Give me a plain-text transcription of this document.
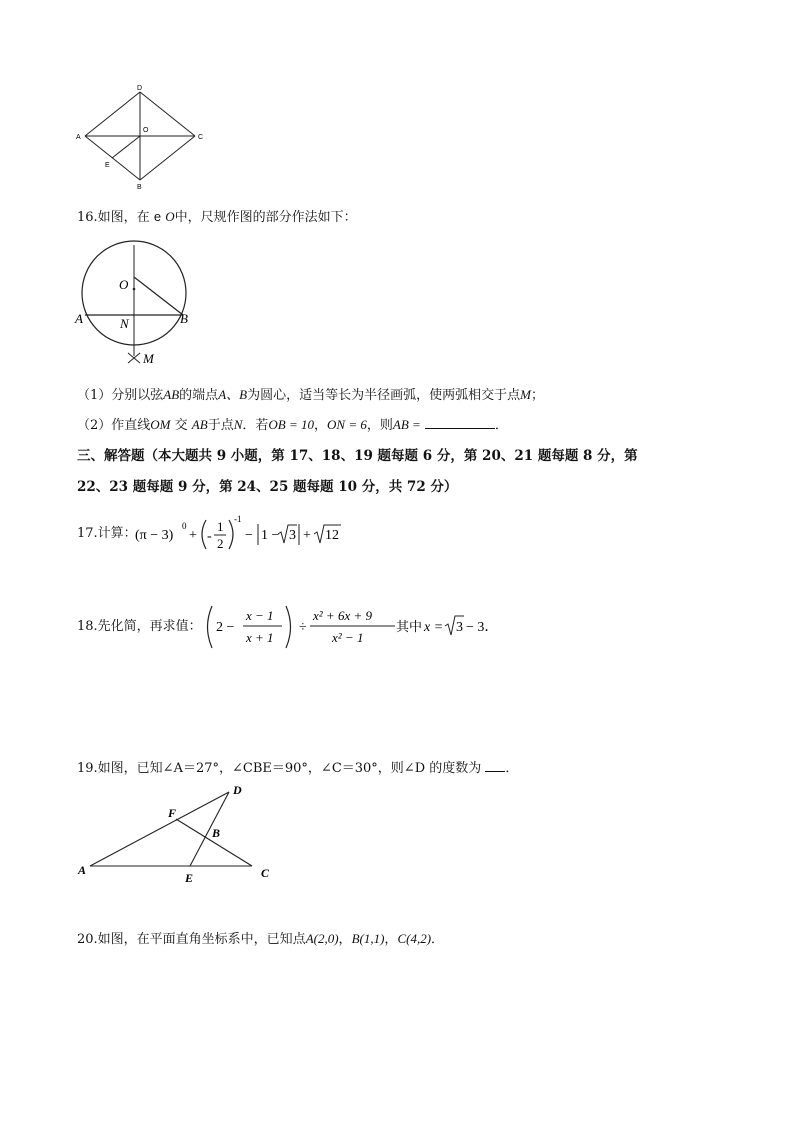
D
A
O
C
E
B
16.如图，在 e O中，尺规作图的部分作法如下：
O
A	N	B
M
（1）分别以弦AB的端点A、B为圆心，适当等长为半径画弧，使两弧相交于点M；
（2）作直线OM 交 AB于点N．若OB = 10，ON = 6，则AB =	．
三、解答题（本大题共 9 小题，第 17、18、19 题每题 6 分，第 20、21 题每题 8 分，第
22、23 题每题 9 分，第 24、25 题每题 10 分，共 72 分）
17.计算：
(π − 3)
0
+ -
1
2
-1
− 1 − 3 + 12
18.先化简，再求值： 2 −
x − 1
x + 1
÷
x² + 6x + 9
x² − 1
其中 x = 3 − 3．
19.如图，已知∠A＝27°，∠CBE＝90°，∠C＝30°，则∠D 的度数为 ．
D
F
B
A
E	C
20.如图，在平面直角坐标系中，已知点A(2,0)，B(1,1)，C(4,2)．
